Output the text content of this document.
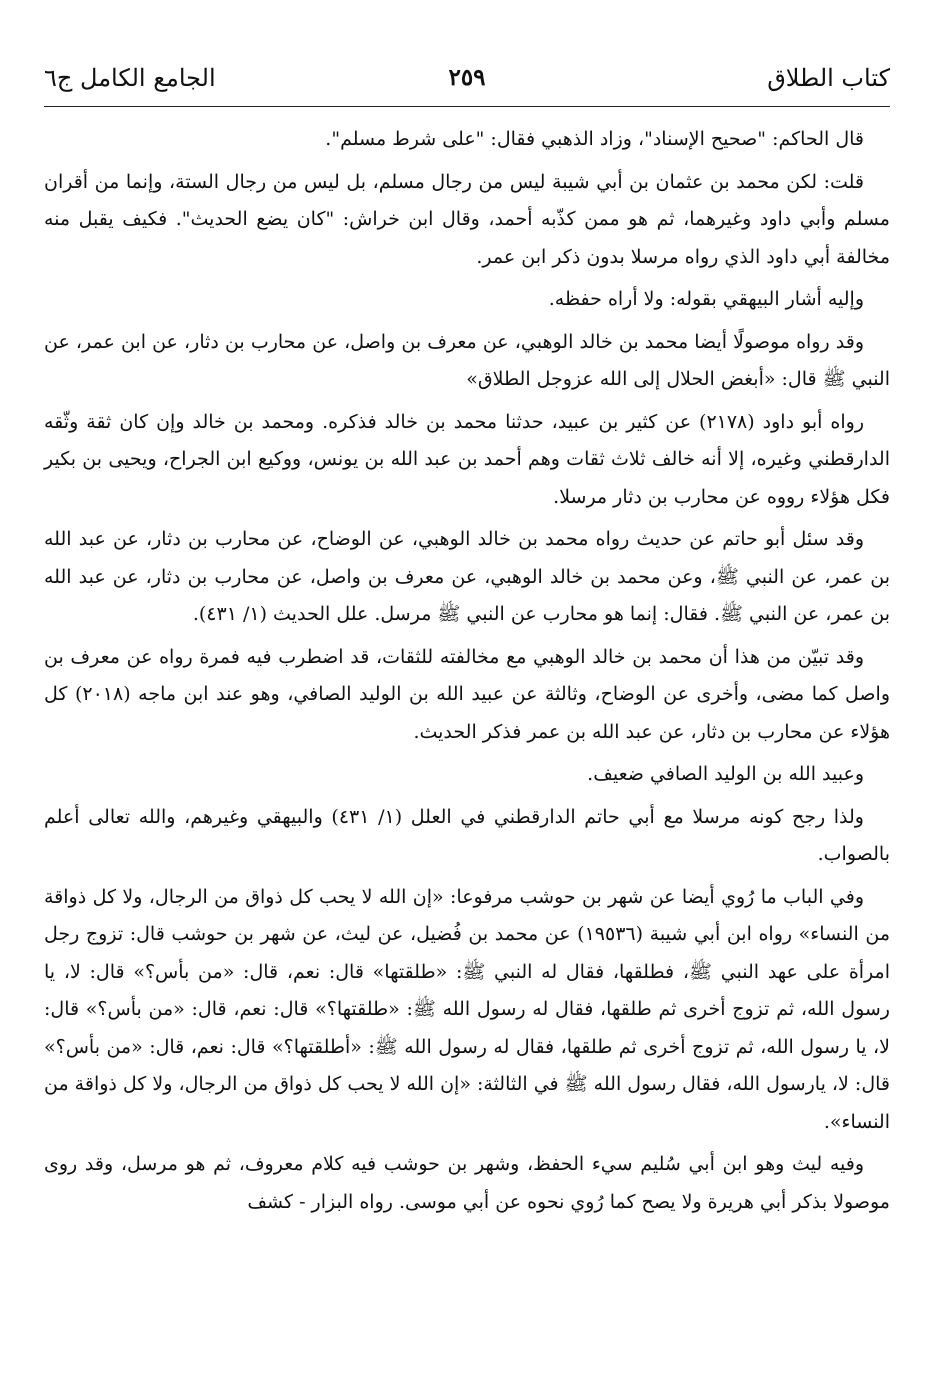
كتاب الطلاق
٢٥٩
الجامع الكامل ج٦

قال الحاكم: "صحيح الإسناد"، وزاد الذهبي فقال: "على شرط مسلم".

قلت: لكن محمد بن عثمان بن أبي شيبة ليس من رجال مسلم، بل ليس من رجال الستة، وإنما من أقران مسلم وأبي داود وغيرهما، ثم هو ممن كذّبه أحمد، وقال ابن خراش: "كان يضع الحديث". فكيف يقبل منه مخالفة أبي داود الذي رواه مرسلا بدون ذكر ابن عمر.

وإليه أشار البيهقي بقوله: ولا أراه حفظه.

وقد رواه موصولًا أيضا محمد بن خالد الوهبي، عن معرف بن واصل، عن محارب بن دثار، عن ابن عمر، عن النبي ﷺ قال: «أبغض الحلال إلى الله عزوجل الطلاق»

رواه أبو داود (٢١٧٨) عن كثير بن عبيد، حدثنا محمد بن خالد فذكره. ومحمد بن خالد وإن كان ثقة وثّقه الدارقطني وغيره، إلا أنه خالف ثلاث ثقات وهم أحمد بن عبد الله بن يونس، ووكيع ابن الجراح، ويحيى بن بكير فكل هؤلاء رووه عن محارب بن دثار مرسلا.

وقد سئل أبو حاتم عن حديث رواه محمد بن خالد الوهبي، عن الوضاح، عن محارب بن دثار، عن عبد الله بن عمر، عن النبي ﷺ، وعن محمد بن خالد الوهبي، عن معرف بن واصل، عن محارب بن دثار، عن عبد الله بن عمر، عن النبي ﷺ. فقال: إنما هو محارب عن النبي ﷺ مرسل. علل الحديث (١/ ٤٣١).

وقد تبيّن من هذا أن محمد بن خالد الوهبي مع مخالفته للثقات، قد اضطرب فيه فمرة رواه عن معرف بن واصل كما مضى، وأخرى عن الوضاح، وثالثة عن عبيد الله بن الوليد الصافي، وهو عند ابن ماجه (٢٠١٨) كل هؤلاء عن محارب بن دثار، عن عبد الله بن عمر فذكر الحديث.

وعبيد الله بن الوليد الصافي ضعيف.

ولذا رجح كونه مرسلا مع أبي حاتم الدارقطني في العلل (١/ ٤٣١) والبيهقي وغيرهم، والله تعالى أعلم بالصواب.

وفي الباب ما رُوي أيضا عن شهر بن حوشب مرفوعا: «إن الله لا يحب كل ذواق من الرجال، ولا كل ذواقة من النساء» رواه ابن أبي شيبة (١٩٥٣٦) عن محمد بن فُضيل، عن ليث، عن شهر بن حوشب قال: تزوج رجل امرأة على عهد النبي ﷺ، فطلقها، فقال له النبي ﷺ: «طلقتها» قال: نعم، قال: «من بأس؟» قال: لا، يا رسول الله، ثم تزوج أخرى ثم طلقها، فقال له رسول الله ﷺ: «طلقتها؟» قال: نعم، قال: «من بأس؟» قال: لا، يا رسول الله، ثم تزوج أخرى ثم طلقها، فقال له رسول الله ﷺ: «أطلقتها؟» قال: نعم، قال: «من بأس؟» قال: لا، يارسول الله، فقال رسول الله ﷺ في الثالثة: «إن الله لا يحب كل ذواق من الرجال، ولا كل ذواقة من النساء».

وفيه ليث وهو ابن أبي سُليم سيء الحفظ، وشهر بن حوشب فيه كلام معروف، ثم هو مرسل، وقد روى موصولا بذكر أبي هريرة ولا يصح كما رُوي نحوه عن أبي موسى. رواه البزار - كشف
